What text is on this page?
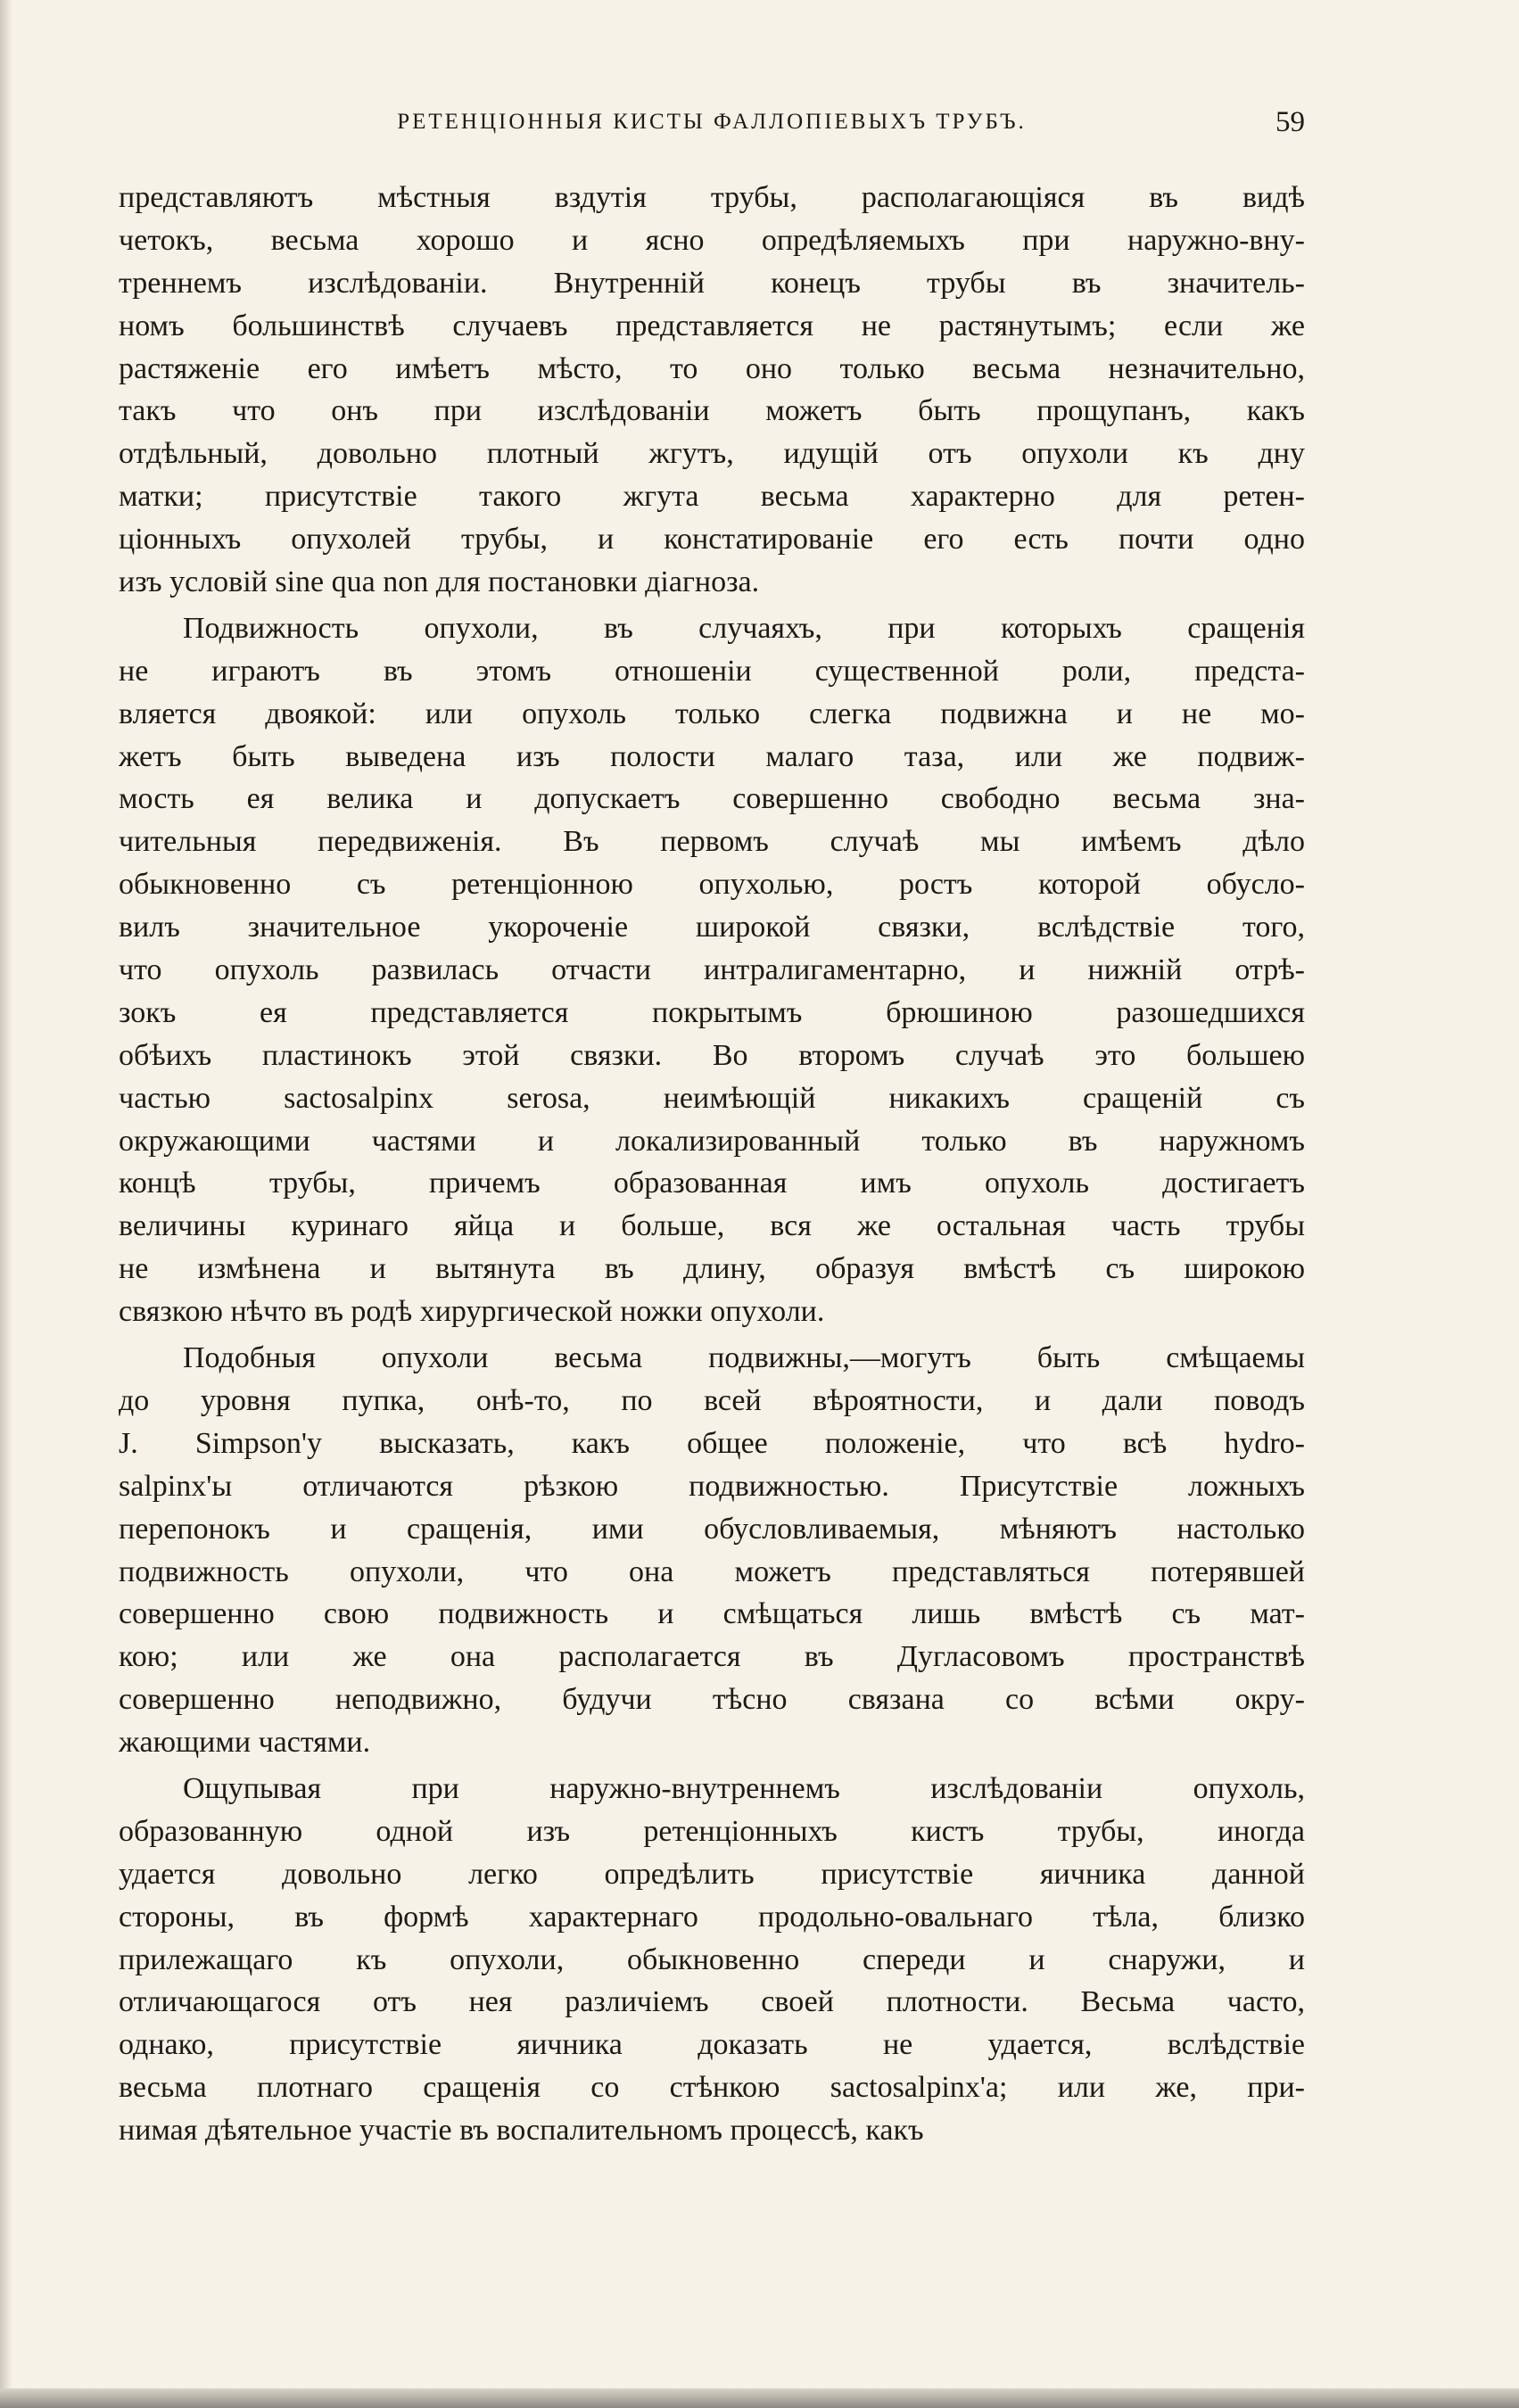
РЕТЕНЦІОННЫЯ КИСТЫ ФАЛЛОПІЕВЫХЪ ТРУБЪ.	59
представляютъ мѣстныя вздутія трубы, располагающіяся въ видѣ
четокъ, весьма хорошо и ясно опредѣляемыхъ при наружно-вну-
треннемъ изслѣдованіи. Внутренній конецъ трубы въ значитель-
номъ большинствѣ случаевъ представляется не растянутымъ; если же
растяженіе его имѣетъ мѣсто, то оно только весьма незначительно,
такъ что онъ при изслѣдованіи можетъ быть прощупанъ, какъ
отдѣльный, довольно плотный жгутъ, идущій отъ опухоли къ дну
матки; присутствіе такого жгута весьма характерно для ретен-
ціонныхъ опухолей трубы, и констатированіе его есть почти одно
изъ условій sine qua non для постановки діагноза.
Подвижность опухоли, въ случаяхъ, при которыхъ сращенія
не играютъ въ этомъ отношеніи существенной роли, предста-
вляется двоякой: или опухоль только слегка подвижна и не мо-
жетъ быть выведена изъ полости малаго таза, или же подвиж-
мость ея велика и допускаетъ совершенно свободно весьма зна-
чительныя передвиженія. Въ первомъ случаѣ мы имѣемъ дѣло
обыкновенно съ ретенціонною опухолью, ростъ которой обусло-
вилъ значительное укороченіе широкой связки, вслѣдствіе того,
что опухоль развилась отчасти интралигаментарно, и нижній отрѣ-
зокъ ея представляется покрытымъ брюшиною разошедшихся
обѣихъ пластинокъ этой связки. Во второмъ случаѣ это большею
частью sactosalpinx serosa, неимѣющій никакихъ сращеній съ
окружающими частями и локализированный только въ наружномъ
концѣ трубы, причемъ образованная имъ опухоль достигаетъ
величины куринаго яйца и больше, вся же остальная часть трубы
не измѣнена и вытянута въ длину, образуя вмѣстѣ съ широкою
связкою нѣчто въ родѣ хирургической ножки опухоли.
Подобныя опухоли весьма подвижны,—могутъ быть смѣщаемы
до уровня пупка, онѣ-то, по всей вѣроятности, и дали поводъ
J. Simpson'у высказать, какъ общее положеніе, что всѣ hydro-
salpinx'ы отличаются рѣзкою подвижностью. Присутствіе ложныхъ
перепонокъ и сращенія, ими обусловливаемыя, мѣняютъ настолько
подвижность опухоли, что она можетъ представляться потерявшей
совершенно свою подвижность и смѣщаться лишь вмѣстѣ съ мат-
кою; или же она располагается въ Дугласовомъ пространствѣ
совершенно неподвижно, будучи тѣсно связана со всѣми окру-
жающими частями.
Ощупывая при наружно-внутреннемъ изслѣдованіи опухоль,
образованную одной изъ ретенціонныхъ кистъ трубы, иногда
удается довольно легко опредѣлить присутствіе яичника данной
стороны, въ формѣ характернаго продольно-овальнаго тѣла, близко
прилежащаго къ опухоли, обыкновенно спереди и снаружи, и
отличающагося отъ нея различіемъ своей плотности. Весьма часто,
однако, присутствіе яичника доказать не удается, вслѣдствіе
весьма плотнаго сращенія со стѣнкою sactosalpinx'а; или же, при-
нимая дѣятельное участіе въ воспалительномъ процессѣ, какъ
